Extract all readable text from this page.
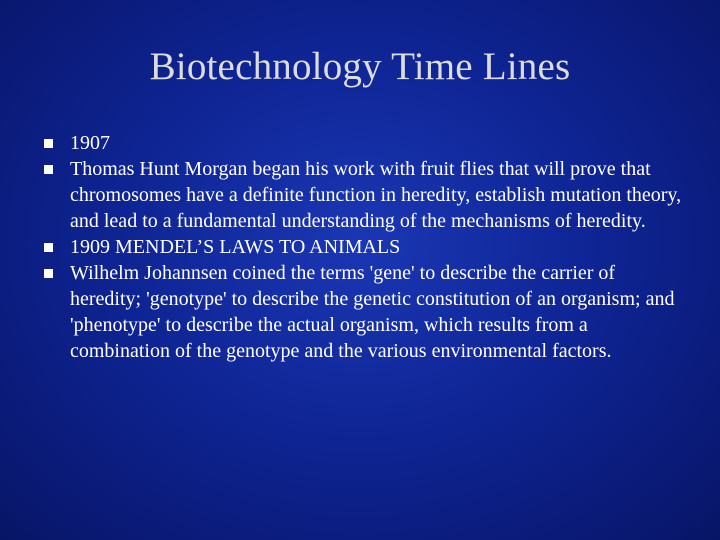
Biotechnology Time Lines
1907
Thomas Hunt Morgan began his work with fruit flies that will prove that chromosomes have a definite function in heredity, establish mutation theory, and lead to a fundamental understanding of the mechanisms of heredity.
1909 MENDEL’S LAWS TO ANIMALS
Wilhelm Johannsen coined the terms 'gene' to describe the carrier of heredity; 'genotype' to describe the genetic constitution of an organism; and 'phenotype' to describe the actual organism, which results from a combination of the genotype and the various environmental factors.
